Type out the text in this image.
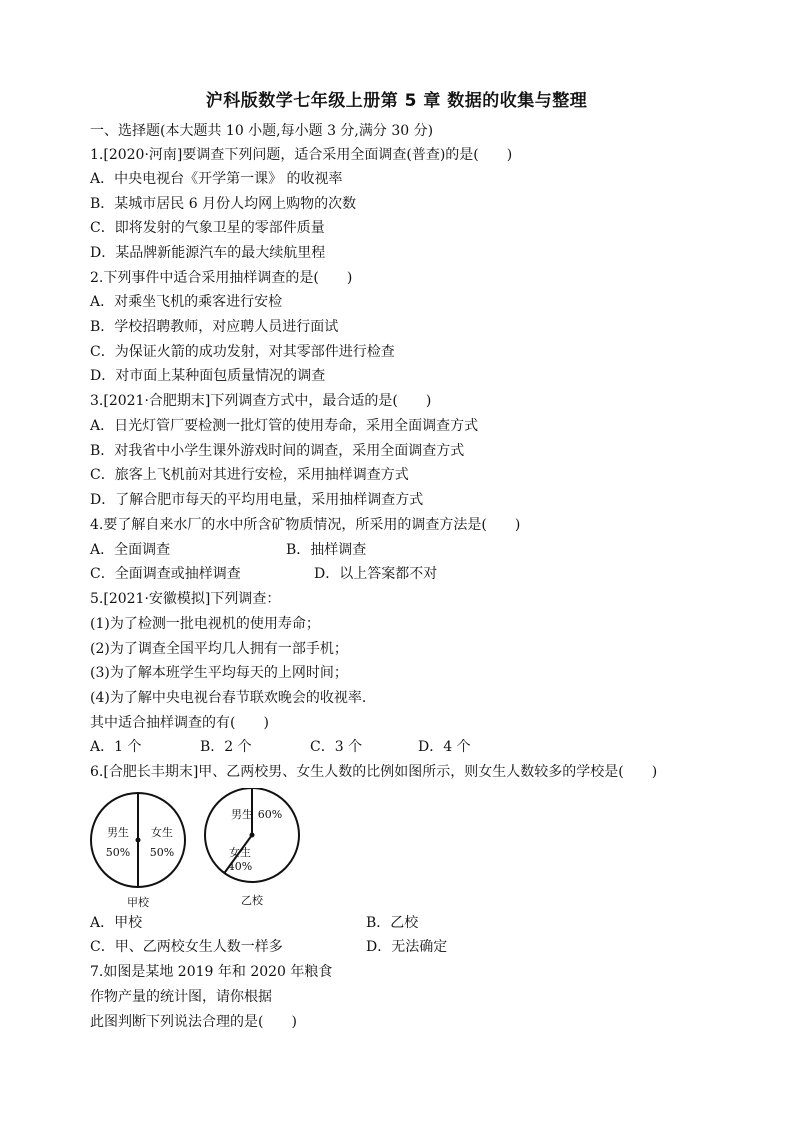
沪科版数学七年级上册第 5 章 数据的收集与整理
一、选择题(本大题共 10 小题,每小题 3 分,满分 30 分)
1.[2020·河南]要调查下列问题，适合采用全面调查(普查)的是(　　)
A．中央电视台《开学第一课》 的收视率
B．某城市居民 6 月份人均网上购物的次数
C．即将发射的气象卫星的零部件质量
D．某品牌新能源汽车的最大续航里程
2.下列事件中适合采用抽样调查的是(　　)
A．对乘坐飞机的乘客进行安检
B．学校招聘教师，对应聘人员进行面试
C．为保证火箭的成功发射，对其零部件进行检查
D．对市面上某种面包质量情况的调查
3.[2021·合肥期末]下列调查方式中，最合适的是(　　)
A．日光灯管厂要检测一批灯管的使用寿命，采用全面调查方式
B．对我省中小学生课外游戏时间的调查，采用全面调查方式
C．旅客上飞机前对其进行安检，采用抽样调查方式
D．了解合肥市每天的平均用电量，采用抽样调查方式
4.要了解自来水厂的水中所含矿物质情况，所采用的调查方法是(　　)
A．全面调查	B．抽样调查
C．全面调查或抽样调查	D．以上答案都不对
5.[2021·安徽模拟]下列调查：
(1)为了检测一批电视机的使用寿命；
(2)为了调查全国平均几人拥有一部手机；
(3)为了解本班学生平均每天的上网时间；
(4)为了解中央电视台春节联欢晚会的收视率．
其中适合抽样调查的有(　　)
A．1 个	B．2 个	C．3 个	D．4 个
6.[合肥长丰期末]甲、乙两校男、女生人数的比例如图所示，则女生人数较多的学校是(　　)
男生
50%
女生
50%
甲校
男生 60%
女生
40%
乙校
A．甲校	B．乙校
C．甲、乙两校女生人数一样多	D．无法确定
7.如图是某地 2019 年和 2020 年粮食
作物产量的统计图，请你根据
此图判断下列说法合理的是(　　)
